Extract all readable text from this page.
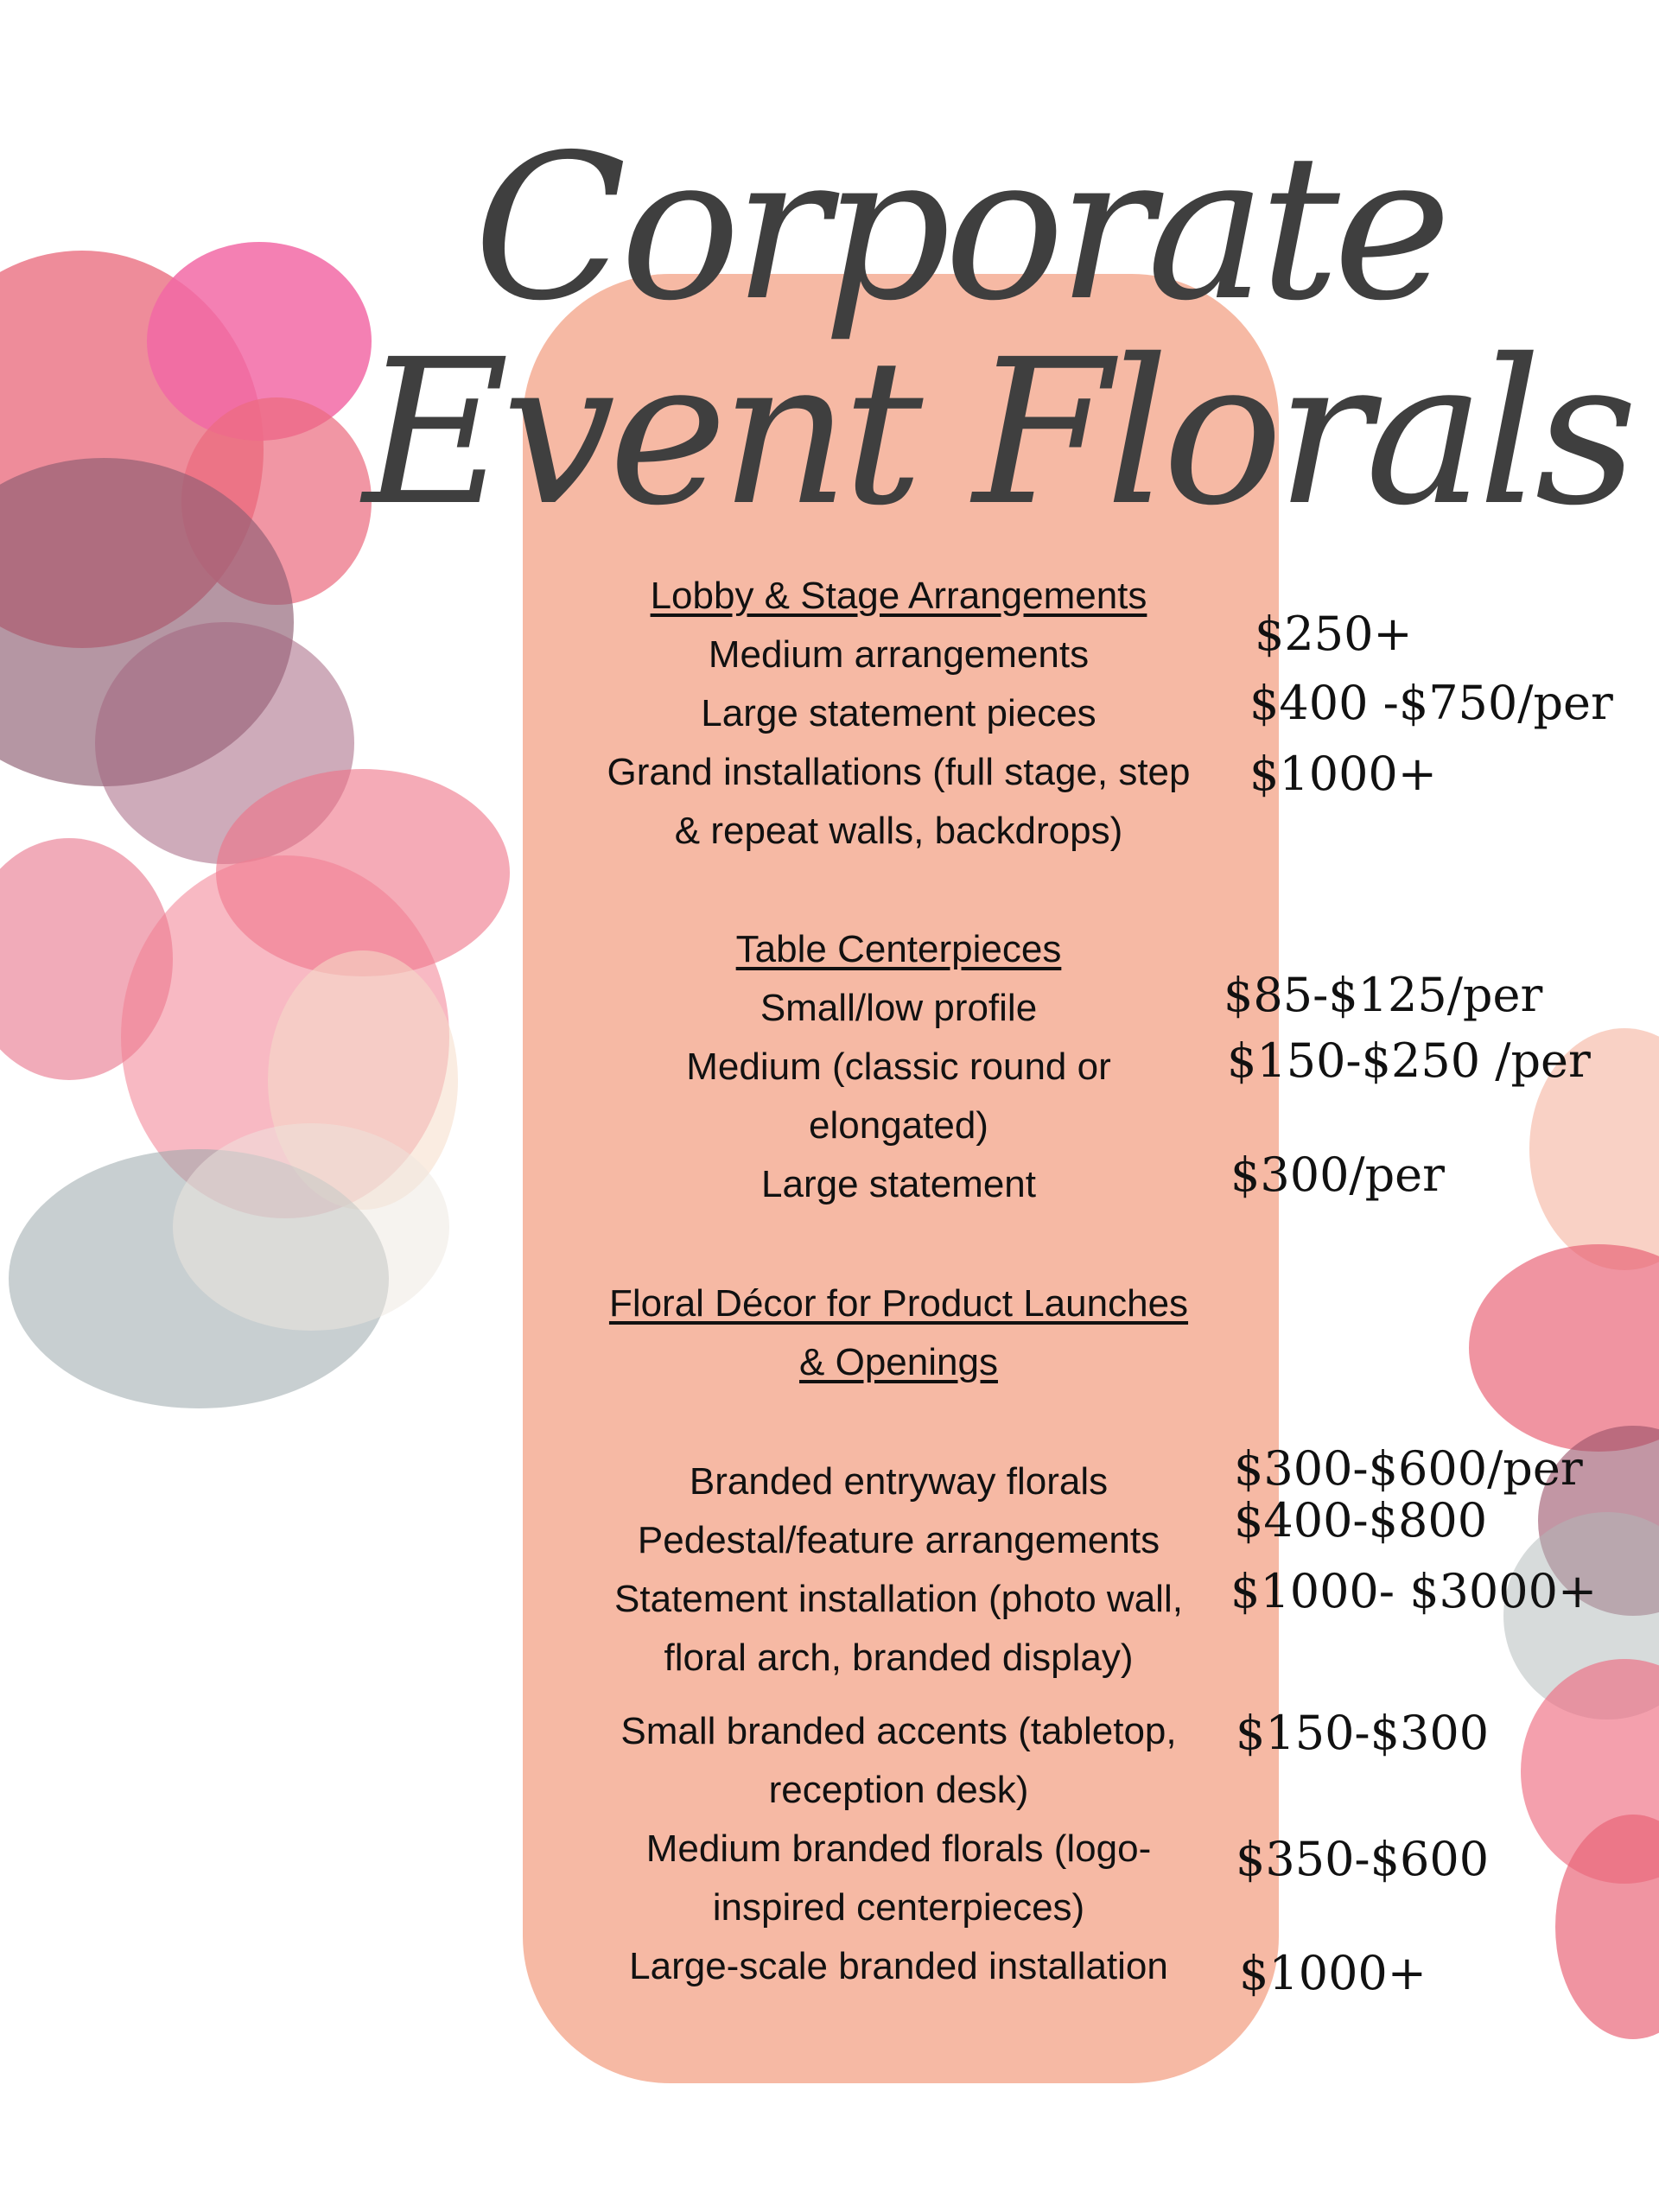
Corporate
Event Florals
Lobby & Stage Arrangements
Medium arrangements
Large statement pieces
Grand installations (full stage, step
& repeat walls, backdrops)
$250+
$400 -$750/per
$1000+
Table Centerpieces
Small/low profile
Medium (classic round or
elongated)
Large statement
$85-$125/per
$150-$250 /per
$300/per
Floral Décor for Product Launches
& Openings
Branded entryway florals
Pedestal/feature arrangements
Statement installation (photo wall,
floral arch, branded display)
Small branded accents (tabletop,
reception desk)
Medium branded florals (logo-
inspired centerpieces)
Large-scale branded installation
$300-$600/per
$400-$800
$1000- $3000+
$150-$300
$350-$600
$1000+
